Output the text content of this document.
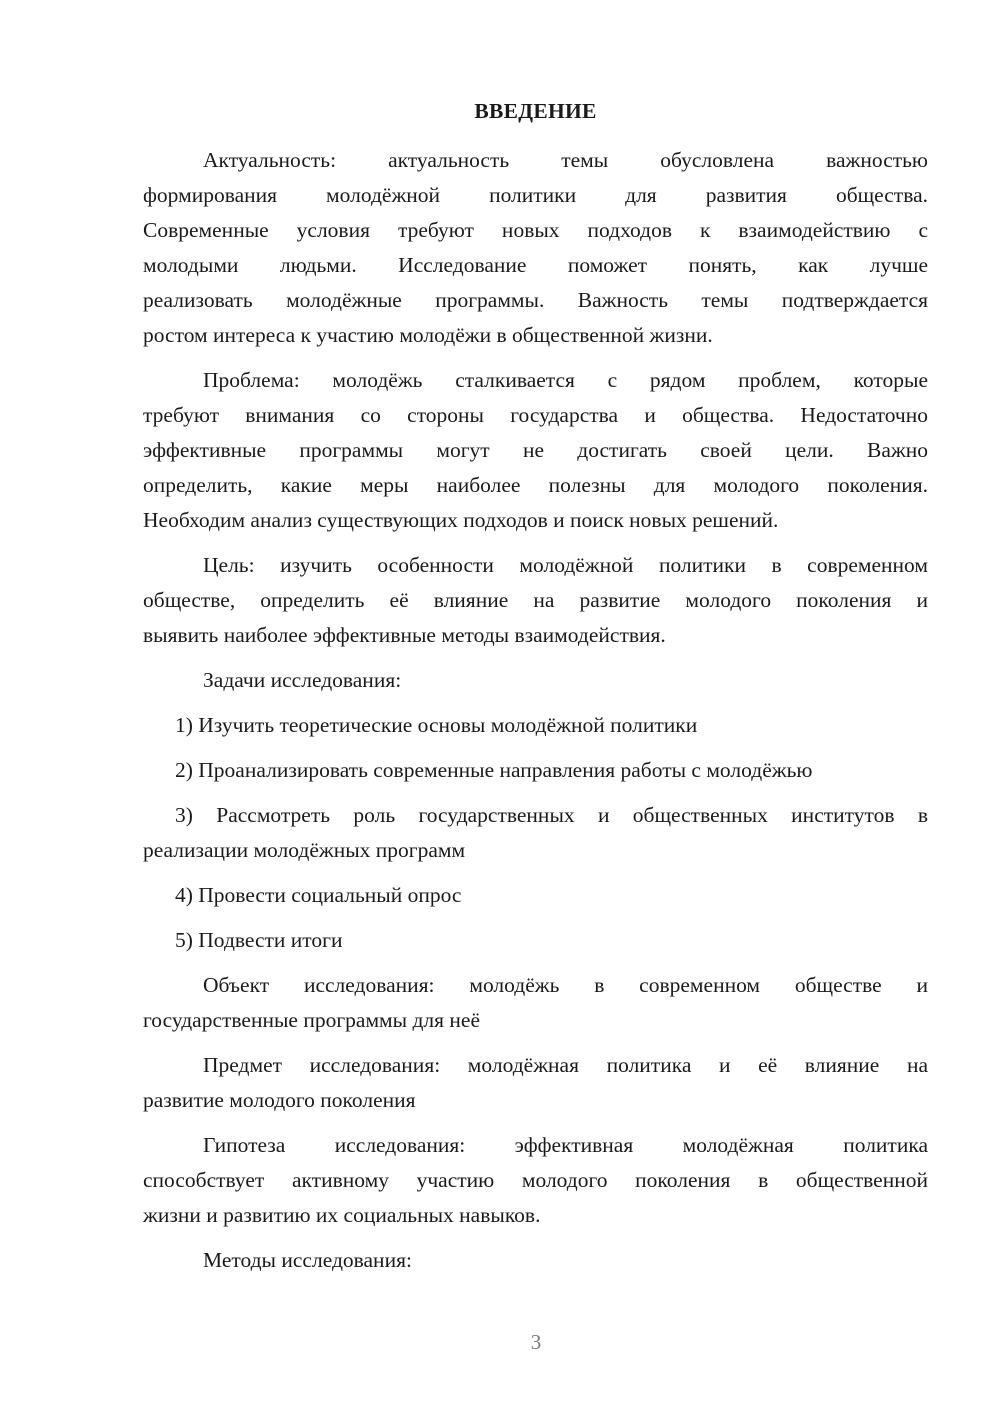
ВВЕДЕНИЕ
Актуальность: актуальность темы обусловлена важностью
формирования молодёжной политики для развития общества.
Современные условия требуют новых подходов к взаимодействию с
молодыми людьми. Исследование поможет понять, как лучше
реализовать молодёжные программы. Важность темы подтверждается
ростом интереса к участию молодёжи в общественной жизни.
Проблема: молодёжь сталкивается с рядом проблем, которые
требуют внимания со стороны государства и общества. Недостаточно
эффективные программы могут не достигать своей цели. Важно
определить, какие меры наиболее полезны для молодого поколения.
Необходим анализ существующих подходов и поиск новых решений.
Цель: изучить особенности молодёжной политики в современном
обществе, определить её влияние на развитие молодого поколения и
выявить наиболее эффективные методы взаимодействия.
Задачи исследования:
1) Изучить теоретические основы молодёжной политики
2) Проанализировать современные направления работы с молодёжью
3) Рассмотреть роль государственных и общественных институтов в
реализации молодёжных программ
4) Провести социальный опрос
5) Подвести итоги
Объект исследования: молодёжь в современном обществе и
государственные программы для неё
Предмет исследования: молодёжная политика и её влияние на
развитие молодого поколения
Гипотеза исследования: эффективная молодёжная политика
способствует активному участию молодого поколения в общественной
жизни и развитию их социальных навыков.
Методы исследования:
3
